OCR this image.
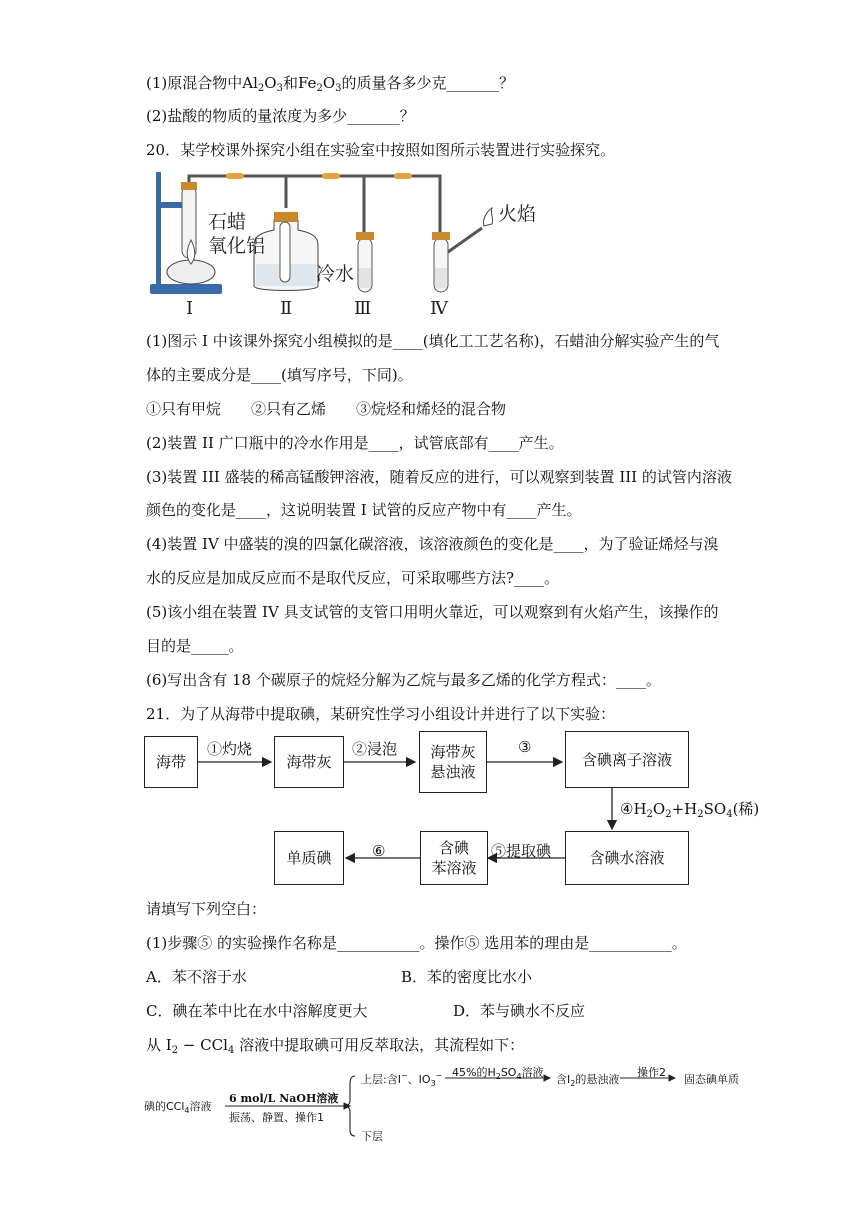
(1)原混合物中$Al_2O_3$和$Fe_2O_3$的质量各多少克_______？
(2)盐酸的物质的量浓度为多少_______？
20．某学校课外探究小组在实验室中按照如图所示装置进行实验探究。
石蜡
氧化铝
冷水
火焰
Ⅰ	Ⅱ	Ⅲ	Ⅳ
(1)图示 I 中该课外探究小组模拟的是____(填化工工艺名称)，石蜡油分解实验产生的气
体的主要成分是____(填写序号，下同)。
①只有甲烷 ②只有乙烯 ③烷烃和烯烃的混合物
(2)装置 II 广口瓶中的冷水作用是____，试管底部有____产生。
(3)装置 III 盛装的稀高锰酸钾溶液，随着反应的进行，可以观察到装置 III 的试管内溶液
颜色的变化是____，这说明装置 I 试管的反应产物中有____产生。
(4)装置 IV 中盛装的溴的四氯化碳溶液，该溶液颜色的变化是____，为了验证烯烃与溴
水的反应是加成反应而不是取代反应，可采取哪些方法?____。
(5)该小组在装置 IV 具支试管的支管口用明火靠近，可以观察到有火焰产生，该操作的
目的是_____。
(6)写出含有 18 个碳原子的烷烃分解为乙烷与最多乙烯的化学方程式：____。
21．为了从海带中提取碘，某研究性学习小组设计并进行了以下实验：
海带
①灼烧
海带灰
②浸泡 海带灰
悬浊液
③
含碘离子溶液
$④H_2O_2+H_2SO_4$(稀)
含碘水溶液
⑤提取碘
含碘
苯溶液
⑥
单质碘
请填写下列空白：
(1)步骤⑤ 的实验操作名称是___________。操作⑤ 选用苯的理由是___________。
A．苯不溶于水	B．苯的密度比水小
C．碘在苯中比在水中溶解度更大	D．苯与碘水不反应
从 $I_2 - CCl_4$ 溶液中提取碘可用反萃取法，其流程如下：
碘的CCl$_4$溶液
6 mol/L NaOH溶液
振荡、静置、操作1
上层:含I−、$IO_3^-$ 45%的$H_2SO_4$溶液
含$I_2$的悬浊液
操作2
固态碘单质
下层
